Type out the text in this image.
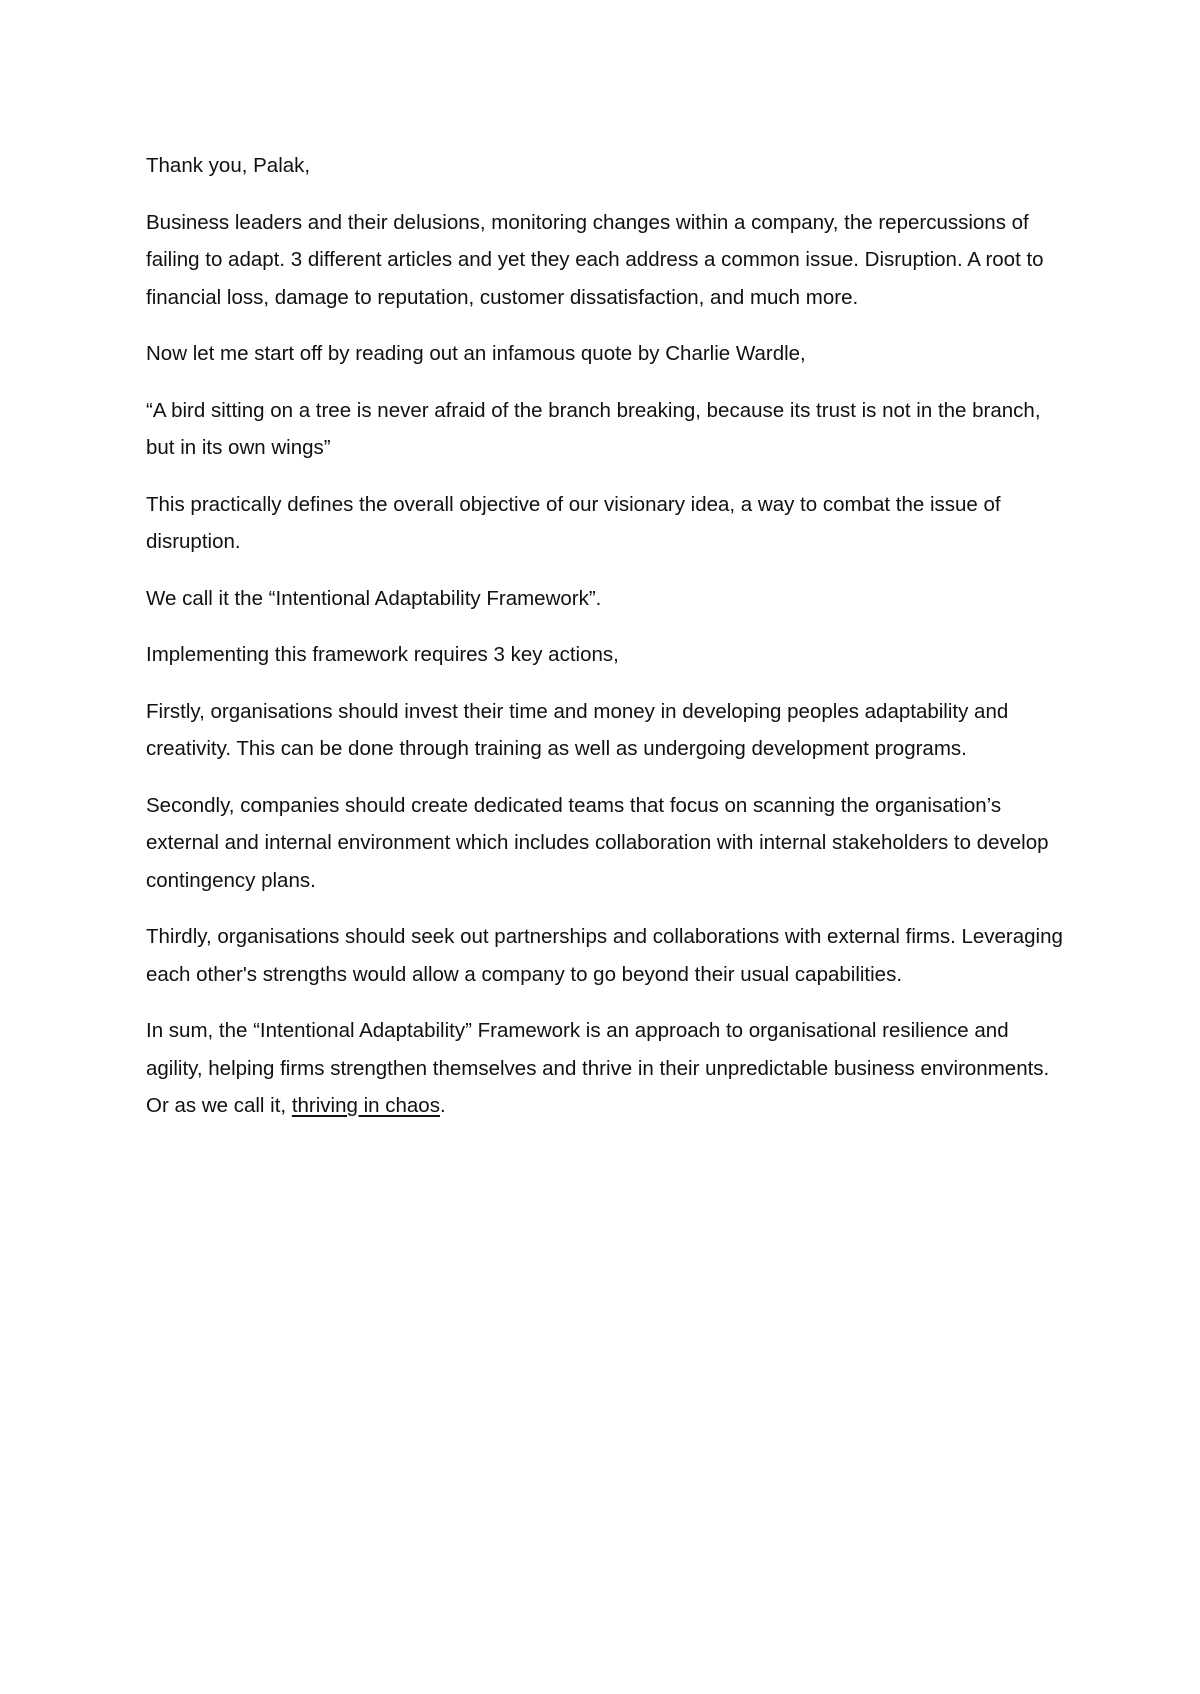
Thank you, Palak,

Business leaders and their delusions, monitoring changes within a company, the repercussions of failing to adapt. 3 different articles and yet they each address a common issue. Disruption. A root to financial loss, damage to reputation, customer dissatisfaction, and much more.

Now let me start off by reading out an infamous quote by Charlie Wardle,

“A bird sitting on a tree is never afraid of the branch breaking, because its trust is not in the branch, but in its own wings”

This practically defines the overall objective of our visionary idea, a way to combat the issue of disruption.

We call it the “Intentional Adaptability Framework”.

Implementing this framework requires 3 key actions,

Firstly, organisations should invest their time and money in developing peoples adaptability and creativity. This can be done through training as well as undergoing development programs.

Secondly, companies should create dedicated teams that focus on scanning the organisation’s external and internal environment which includes collaboration with internal stakeholders to develop contingency plans.

Thirdly, organisations should seek out partnerships and collaborations with external firms. Leveraging each other's strengths would allow a company to go beyond their usual capabilities.

In sum, the “Intentional Adaptability” Framework is an approach to organisational resilience and agility, helping firms strengthen themselves and thrive in their unpredictable business environments. Or as we call it, thriving in chaos.
